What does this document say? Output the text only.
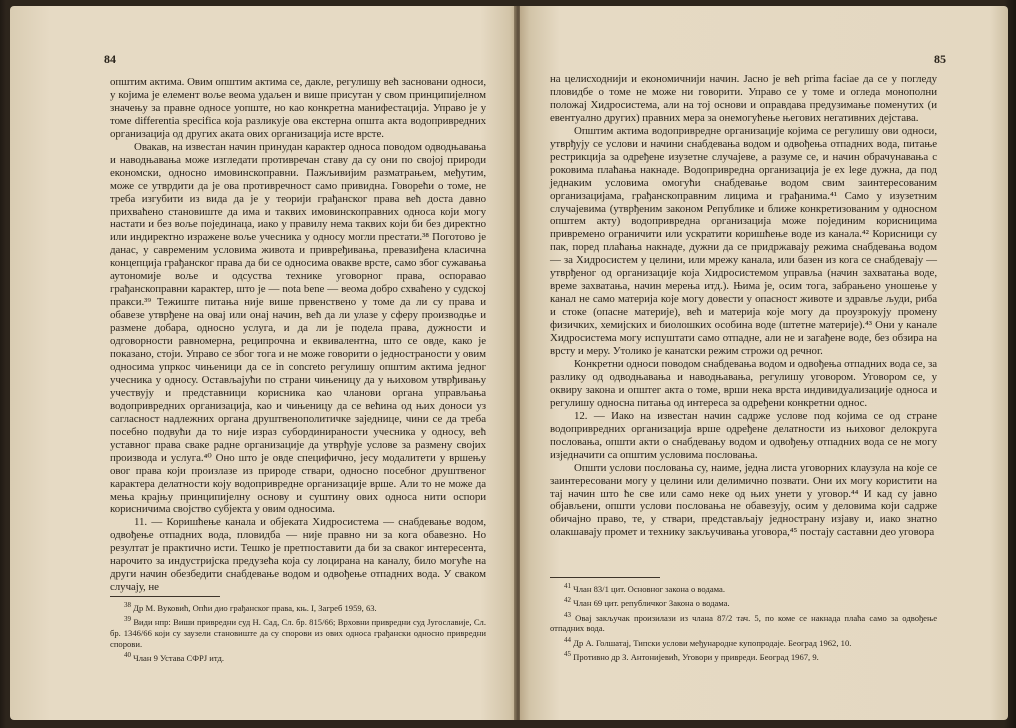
84

општим актима. Овим општим актима се, дакле, регулишу већ засновани односи, у којима је елемент воље веома удаљен и више присутан у свом принципијелном значењу за правне односе уопште, но као конкретна манифестација. Управо је у томе differentia specifica која разликује ова екстерна општа акта водопривредних организација од других аката ових организација исте врсте.

Овакав, на известан начин принудан карактер односа поводом одводњавања и наводњавања може изгледати противречан ставу да су они по својој природи економски, односно имовинскоправни. Пажљивијим разматрањем, међутим, може се утврдити да је ова противречност само привидна. Говорећи о томе, не треба изгубити из вида да је у теорији грађанског права већ доста давно прихваћено становиште да има и таквих имовинскоправних односа који могу настати и без воље појединаца, иако у правилу нема таквих који би без директно или индиректно изражене воље учесника у односу могли престати.³⁸ Поготово је данас, у савременим условима живота и привређивања, превазиђена класична концепција грађанског права да би се односима овакве врсте, само због сужавања аутономије воље и одсуства технике уговорног права, оспоравао грађанскоправни карактер, што је — nota bene — веома добро схваћено у судској пракси.³⁹ Тежиште питања није више првенствено у томе да ли су права и обавезе утврђене на овај или онај начин, већ да ли улазе у сферу производње и размене добара, односно услуга, и да ли је подела права, дужности и одговорности равномерна, реципрочна и еквивалентна, што се овде, како је показано, стоји. Управо се због тога и не може говорити о једностраности у овим односима упркос чињеници да се in concreto регулишу општим актима једног учесника у односу. Остављајући по страни чињеницу да у њиховом утврђивању учествују и представници корисника као чланови органа управљања водопривредних организација, као и чињеницу да се већина од њих доноси уз сагласност надлежних органа друштвенополитичке заједнице, чини се да треба посебно подвући да то није израз субординираности учесника у односу, већ уставног права сваке радне организације да утврђује услове за размену својих производа и услуга.⁴⁰ Оно што је овде специфично, јесу модалитети у вршењу овог права који произлазе из природе ствари, односно посебног друштвеног карактера делатности коју водопривредне организације врше. Али то не може да мења крајњу принципијелну основу и суштину ових односа нити оспори корисничима својство субјекта у овим односима.

11. — Коришћење канала и објеката Хидросистема — снабдевање водом, одвођење отпадних вода, пловидба — није правно ни за кога обавезно. Но резултат је практично исти. Тешко је претпоставити да би за сваког интересента, нарочито за индустријска предузећа која су лоцирана на каналу, било могуће на други начин обезбедити снабдевање водом и одвођење отпадних вода. У сваком случају, не

$^{38}$ Др М. Вуковић, Опћи дио грађанског права, књ. I, Загреб 1959, 63.

$^{39}$ Види нпр: Виши привредни суд Н. Сад, Сл. бр. 815/66; Врховни привредни суд Југославије, Сл. бр. 1346/66 који су заузели становиште да су спорови из ових односа грађански односно привредни спорови.

$^{40}$ Члан 9 Устава СФРЈ итд.

85

на целисходнији и економичнији начин. Јасно је већ prima faciae да се у погледу пловидбе о томе не може ни говорити. Управо се у томе и огледа монополни положај Хидросистема, али на тој основи и оправдава предузимање поменутих (и евентуално других) правних мера за онемогућење његових негативних дејстава.

Општим актима водопривредне организације којима се регулишу ови односи, утврђују се услови и начини снабдевања водом и одвођења отпадних вода, питање рестрикција за одређене изузетне случајеве, а разуме се, и начин обрачунавања с роковима плаћања накнаде. Водопривредна организација је ex lege дужна, да под једнаким условима омогући снабдевање водом свим заинтересованим организацијама, грађанскоправним лицима и грађанима.⁴¹ Само у изузетним случајевима (утврђеним законом Републике и ближе конкретизованим у односном општем акту) водопривредна организација може појединим корисницима привремено ограничити или ускратити коришћење воде из канала.⁴² Корисници су пак, поред плаћања накнаде, дужни да се придржавају режима снабдевања водом — за Хидросистем у целини, или мрежу канала, или базен из кога се снабдевају — утврђеног од организације која Хидросистемом управља (начин захватања воде, време захватања, начин мерења итд.). Њима је, осим тога, забрањено уношење у канал не само материја које могу довести у опасност животе и здравље људи, риба и стоке (опасне материје), већ и материја које могу да проузрокују промену физичких, хемијских и биолошких особина воде (штетне материје).⁴³ Они у канале Хидросистема могу испуштати само отпадне, али не и загађене воде, без обзира на врсту и меру. Утолико је канатски режим строжи од речног.

Конкретни односи поводом снабдевања водом и одвођења отпадних вода се, за разлику од одводњавања и наводњавања, регулишу уговором. Уговором се, у оквиру закона и општег акта о томе, врши нека врста индивидуализације односа и регулишу односна питања од интереса за одређени конкретни однос.

12. — Иако на известан начин садрже услове под којима се од стране водопривредних организација врше одређене делатности из њиховог делокруга пословања, општи акти о снабдевању водом и одвођењу отпадних вода се не могу изједначити са општим условима пословања.

Општи услови пословања су, наиме, једна листа уговорних клаузула на које се заинтересовани могу у целини или делимично позвати. Они их могу користити на тај начин што ће све или само неке од њих унети у уговор.⁴⁴ И кад су јавно објављени, општи услови пословања не обавезују, осим у деловима који садрже обичајно право, те, у ствари, представљају једнострану изјаву и, иако знатно олакшавају промет и технику закључивања уговора,⁴⁵ постају саставни део уговора

$^{41}$ Члан 83/1 цит. Основног закона о водама.

$^{42}$ Члан 69 цит. републичког Закона о водама.

$^{43}$ Овај закључак произилази из члана 87/2 тач. 5, по коме се накнада плаћа само за одвођење отпадних вода.

$^{44}$ Др А. Голшатај, Типски услови међународне купопродаје. Београд 1962, 10.

$^{45}$ Противно др З. Антонијевић, Уговори у привреди. Београд 1967, 9.
